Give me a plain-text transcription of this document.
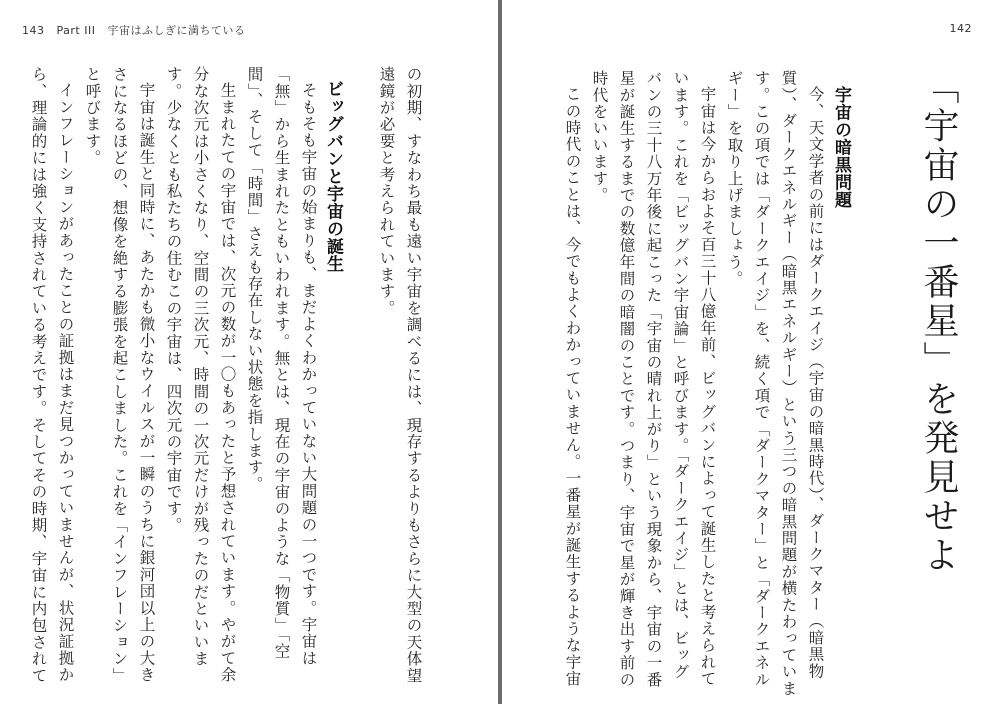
143 Part III 宇宙はふしぎに満ちている
の初期、すなわち最も遠い宇宙を調べるには、現存するよりもさらに大型の天体望
遠鏡が必要と考えられています。
ビッグバンと宇宙の誕生
そもそも宇宙の始まりも、まだよくわかっていない大問題の一つです。宇宙は
「無」から生まれたともいわれます。無とは、現在の宇宙のような「物質」「空
間」、そして「時間」さえも存在しない状態を指します。
生まれたての宇宙では、次元の数が一〇もあったと予想されています。やがて余
分な次元は小さくなり、空間の三次元、時間の一次元だけが残ったのだといいま
す。少なくとも私たちの住むこの宇宙は、四次元の宇宙です。
宇宙は誕生と同時に、あたかも微小なウイルスが一瞬のうちに銀河団以上の大き
さになるほどの、想像を絶する膨張を起こしました。これを「インフレーション」
と呼びます。
インフレーションがあったことの証拠はまだ見つかっていませんが、状況証拠か
ら、理論的には強く支持されている考えです。そしてその時期、宇宙に内包されて
142
「宇宙の一番星」を発見せよ
宇宙の暗黒問題
今、天文学者の前にはダークエイジ（宇宙の暗黒時代）、ダークマター（暗黒物
質）、ダークエネルギー（暗黒エネルギー）という三つの暗黒問題が横たわっていま
す。この項では「ダークエイジ」を、続く項で「ダークマター」と「ダークエネル
ギー」を取り上げましょう。
宇宙は今からおよそ百三十八億年前、ビッグバンによって誕生したと考えられて
います。これを「ビッグバン宇宙論」と呼びます。「ダークエイジ」とは、ビッグ
バンの三十八万年後に起こった「宇宙の晴れ上がり」という現象から、宇宙の一番
星が誕生するまでの数億年間の暗闇のことです。つまり、宇宙で星が輝き出す前の
時代をいいます。
この時代のことは、今でもよくわかっていません。一番星が誕生するような宇宙
